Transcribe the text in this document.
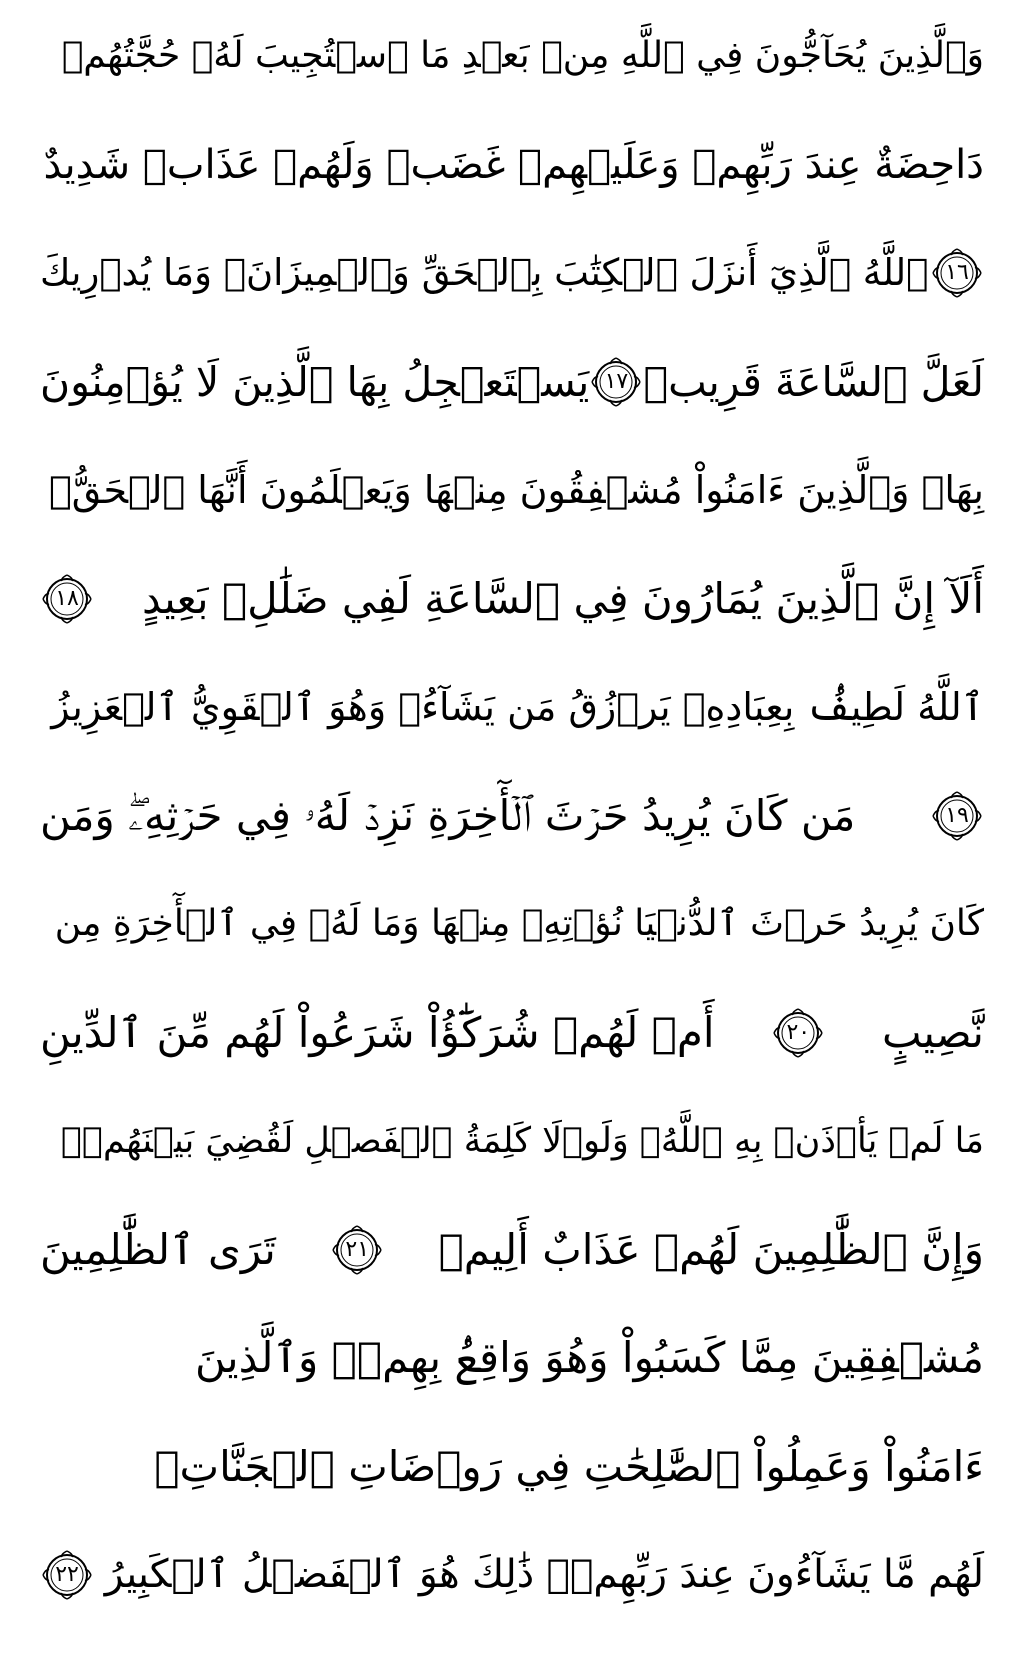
وَٱلَّذِينَ يُحَآجُّونَ فِي ٱللَّهِ مِنۢ بَعۡدِ مَا ٱسۡتُجِيبَ لَهُۥ حُجَّتُهُمۡ
دَاحِضَةٌ عِندَ رَبِّهِمۡ وَعَلَيۡهِمۡ غَضَبٞ وَلَهُمۡ عَذَابٞ شَدِيدٌ
١٦
ٱللَّهُ ٱلَّذِيٓ أَنزَلَ ٱلۡكِتَٰبَ بِٱلۡحَقِّ وَٱلۡمِيزَانَۗ وَمَا يُدۡرِيكَ
لَعَلَّ ٱلسَّاعَةَ قَرِيبٞ
١٧
يَسۡتَعۡجِلُ بِهَا ٱلَّذِينَ لَا يُؤۡمِنُونَ
بِهَاۖ وَٱلَّذِينَ ءَامَنُواْ مُشۡفِقُونَ مِنۡهَا وَيَعۡلَمُونَ أَنَّهَا ٱلۡحَقُّۗ
أَلَآ إِنَّ ٱلَّذِينَ يُمَارُونَ فِي ٱلسَّاعَةِ لَفِي ضَلَٰلِۭ بَعِيدٍ
١٨
ٱللَّهُ لَطِيفُۢ بِعِبَادِهِۦ يَرۡزُقُ مَن يَشَآءُۖ وَهُوَ ٱلۡقَوِيُّ ٱلۡعَزِيزُ
١٩
مَن كَانَ يُرِيدُ حَرۡثَ ٱلۡأٓخِرَةِ نَزِدۡ لَهُۥ فِي حَرۡثِهِۦۖ وَمَن
كَانَ يُرِيدُ حَرۡثَ ٱلدُّنۡيَا نُؤۡتِهِۦ مِنۡهَا وَمَا لَهُۥ فِي ٱلۡأٓخِرَةِ مِن
نَّصِيبٍ
٢٠
أَمۡ لَهُمۡ شُرَكَٰٓؤُاْ شَرَعُواْ لَهُم مِّنَ ٱلدِّينِ
مَا لَمۡ يَأۡذَنۢ بِهِ ٱللَّهُۚ وَلَوۡلَا كَلِمَةُ ٱلۡفَصۡلِ لَقُضِيَ بَيۡنَهُمۡۗ
وَإِنَّ ٱلظَّٰلِمِينَ لَهُمۡ عَذَابٌ أَلِيمٞ
٢١
تَرَى ٱلظَّٰلِمِينَ
مُشۡفِقِينَ مِمَّا كَسَبُواْ وَهُوَ وَاقِعُۢ بِهِمۡۗ وَٱلَّذِينَ
ءَامَنُواْ وَعَمِلُواْ ٱلصَّٰلِحَٰتِ فِي رَوۡضَاتِ ٱلۡجَنَّاتِۖ
لَهُم مَّا يَشَآءُونَ عِندَ رَبِّهِمۡۚ ذَٰلِكَ هُوَ ٱلۡفَضۡلُ ٱلۡكَبِيرُ
٢٢
